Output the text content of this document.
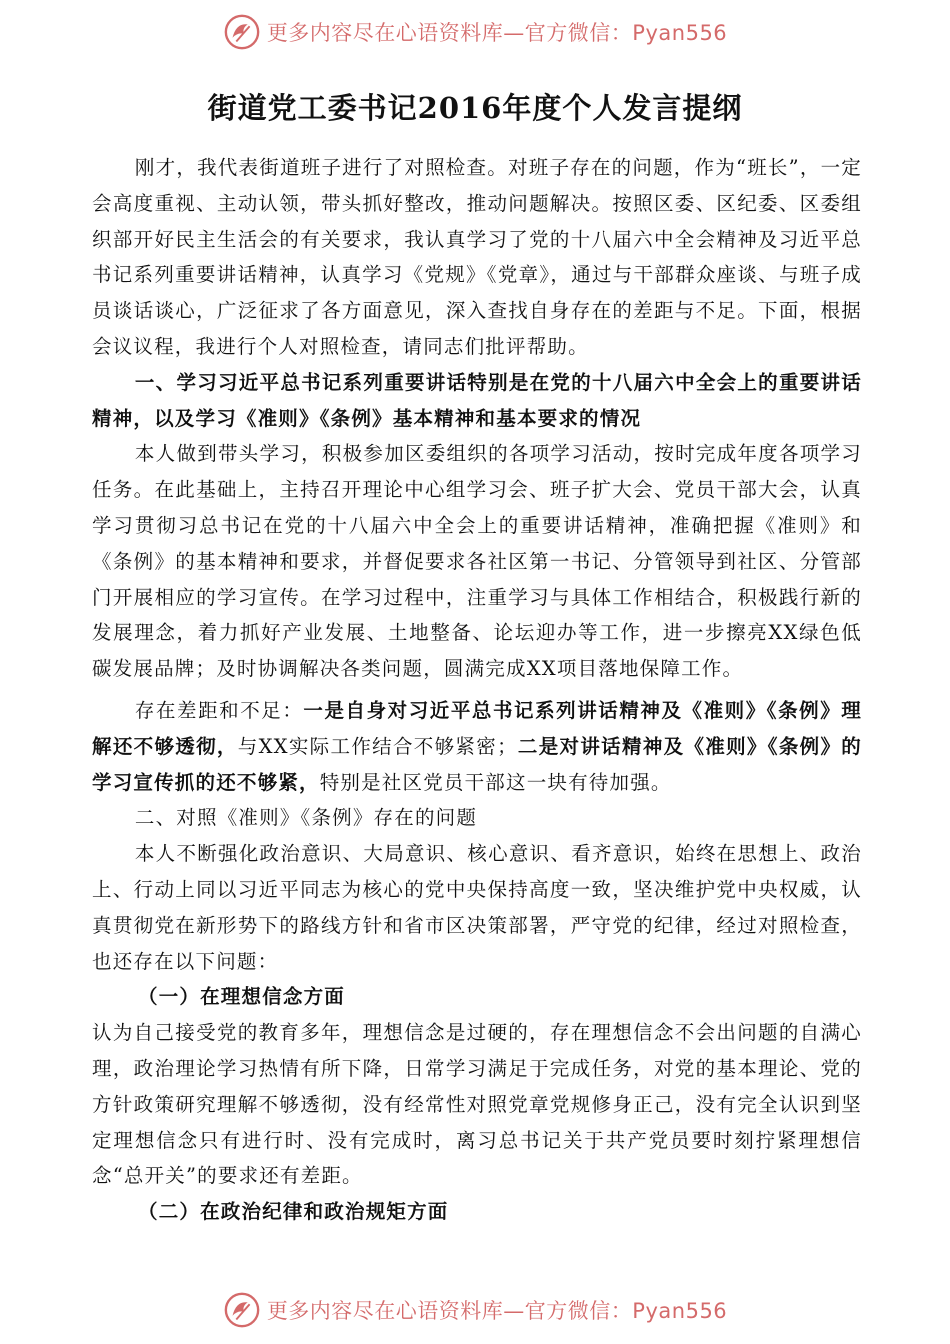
更多内容尽在心语资料库—官方微信：Pyan556
街道党工委书记2016年度个人发言提纲

刚才，我代表街道班子进行了对照检查。对班子存在的问题，作为“班长”，一定会高度重视、主动认领，带头抓好整改，推动问题解决。按照区委、区纪委、区委组织部开好民主生活会的有关要求，我认真学习了党的十八届六中全会精神及习近平总书记系列重要讲话精神，认真学习《党规》《党章》，通过与干部群众座谈、与班子成员谈话谈心，广泛征求了各方面意见，深入查找自身存在的差距与不足。下面，根据会议议程，我进行个人对照检查，请同志们批评帮助。

一、学习习近平总书记系列重要讲话特别是在党的十八届六中全会上的重要讲话精神，以及学习《准则》《条例》基本精神和基本要求的情况

本人做到带头学习，积极参加区委组织的各项学习活动，按时完成年度各项学习任务。在此基础上，主持召开理论中心组学习会、班子扩大会、党员干部大会，认真学习贯彻习总书记在党的十八届六中全会上的重要讲话精神，准确把握《准则》和《条例》的基本精神和要求，并督促要求各社区第一书记、分管领导到社区、分管部门开展相应的学习宣传。在学习过程中，注重学习与具体工作相结合，积极践行新的发展理念，着力抓好产业发展、土地整备、论坛迎办等工作，进一步擦亮XX绿色低碳发展品牌；及时协调解决各类问题，圆满完成XX项目落地保障工作。

存在差距和不足：一是自身对习近平总书记系列讲话精神及《准则》《条例》理解还不够透彻，与XX实际工作结合不够紧密；二是对讲话精神及《准则》《条例》的学习宣传抓的还不够紧，特别是社区党员干部这一块有待加强。

二、对照《准则》《条例》存在的问题

本人不断强化政治意识、大局意识、核心意识、看齐意识，始终在思想上、政治上、行动上同以习近平同志为核心的党中央保持高度一致，坚决维护党中央权威，认真贯彻党在新形势下的路线方针和省市区决策部署，严守党的纪律，经过对照检查，也还存在以下问题：

（一）在理想信念方面

认为自己接受党的教育多年，理想信念是过硬的，存在理想信念不会出问题的自满心理，政治理论学习热情有所下降，日常学习满足于完成任务，对党的基本理论、党的方针政策研究理解不够透彻，没有经常性对照党章党规修身正己，没有完全认识到坚定理想信念只有进行时、没有完成时，离习总书记关于共产党员要时刻拧紧理想信念“总开关”的要求还有差距。

（二）在政治纪律和政治规矩方面

更多内容尽在心语资料库—官方微信：Pyan556
